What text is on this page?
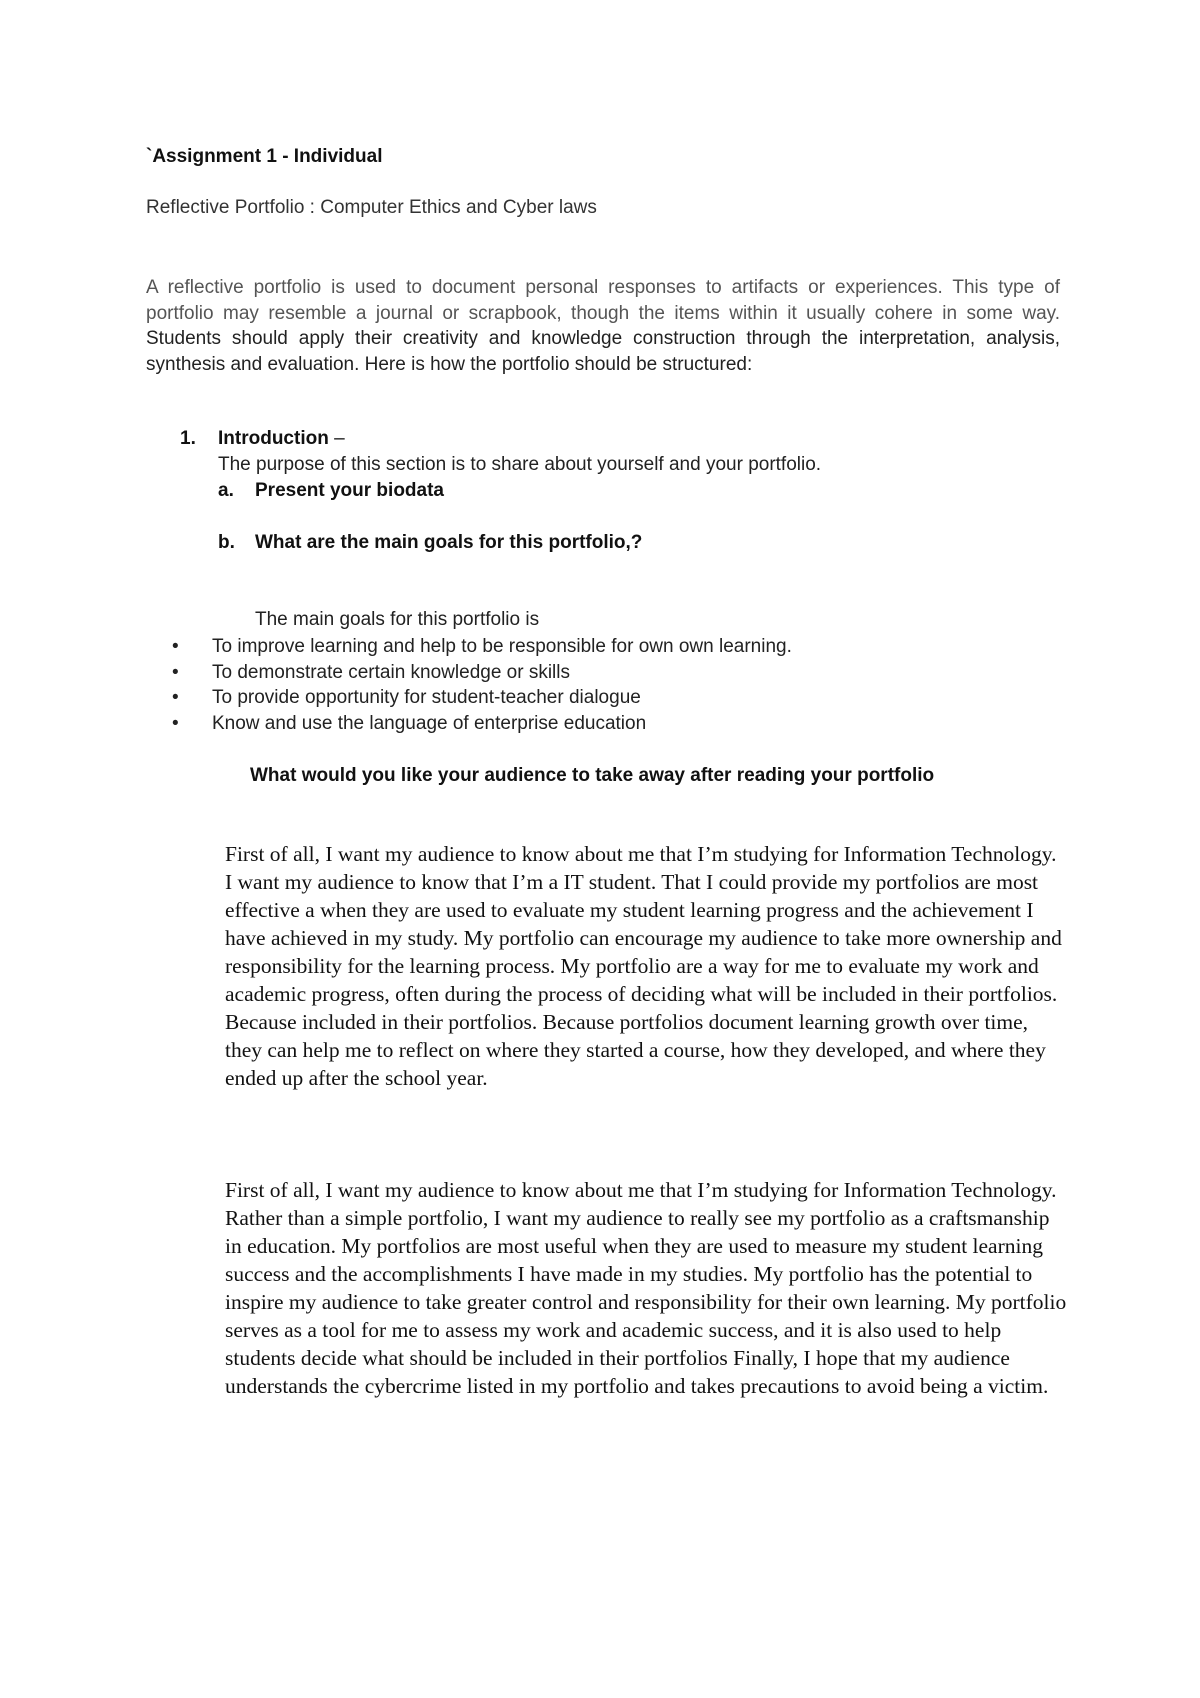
`Assignment 1 - Individual

Reflective Portfolio : Computer Ethics and Cyber laws

A reflective portfolio is used to document personal responses to artifacts or experiences. This type of portfolio may resemble a journal or scrapbook, though the items within it usually cohere in some way. Students should apply their creativity and knowledge construction through the interpretation, analysis, synthesis and evaluation. Here is how the portfolio should be structured:

1. Introduction –

The purpose of this section is to share about yourself and your portfolio.

a. Present your biodata

b. What are the main goals for this portfolio,?

The main goals for this portfolio is

• To improve learning and help to be responsible for own own learning.
• To demonstrate certain knowledge or skills
• To provide opportunity for student-teacher dialogue
• Know and use the language of enterprise education

What would you like your audience to take away after reading your portfolio

First of all, I want my audience to know about me that I’m studying for Information Technology.
I want my audience to know that I’m a IT student. That I could provide my portfolios are most effective a when they are used to evaluate my student learning progress and the achievement I have achieved in my study. My portfolio can encourage my audience to take more ownership and responsibility for the learning process. My portfolio are a way for me to evaluate my work and academic progress, often during the process of deciding what will be included in their portfolios. Because included in their portfolios. Because portfolios document learning growth over time, they can help me to reflect on where they started a course, how they developed, and where they ended up after the school year.

First of all, I want my audience to know about me that I’m studying for Information Technology. Rather than a simple portfolio, I want my audience to really see my portfolio as a craftsmanship in education. My portfolios are most useful when they are used to measure my student learning success and the accomplishments I have made in my studies. My portfolio has the potential to inspire my audience to take greater control and responsibility for their own learning. My portfolio serves as a tool for me to assess my work and academic success, and it is also used to help students decide what should be included in their portfolios Finally, I hope that my audience understands the cybercrime listed in my portfolio and takes precautions to avoid being a victim.
